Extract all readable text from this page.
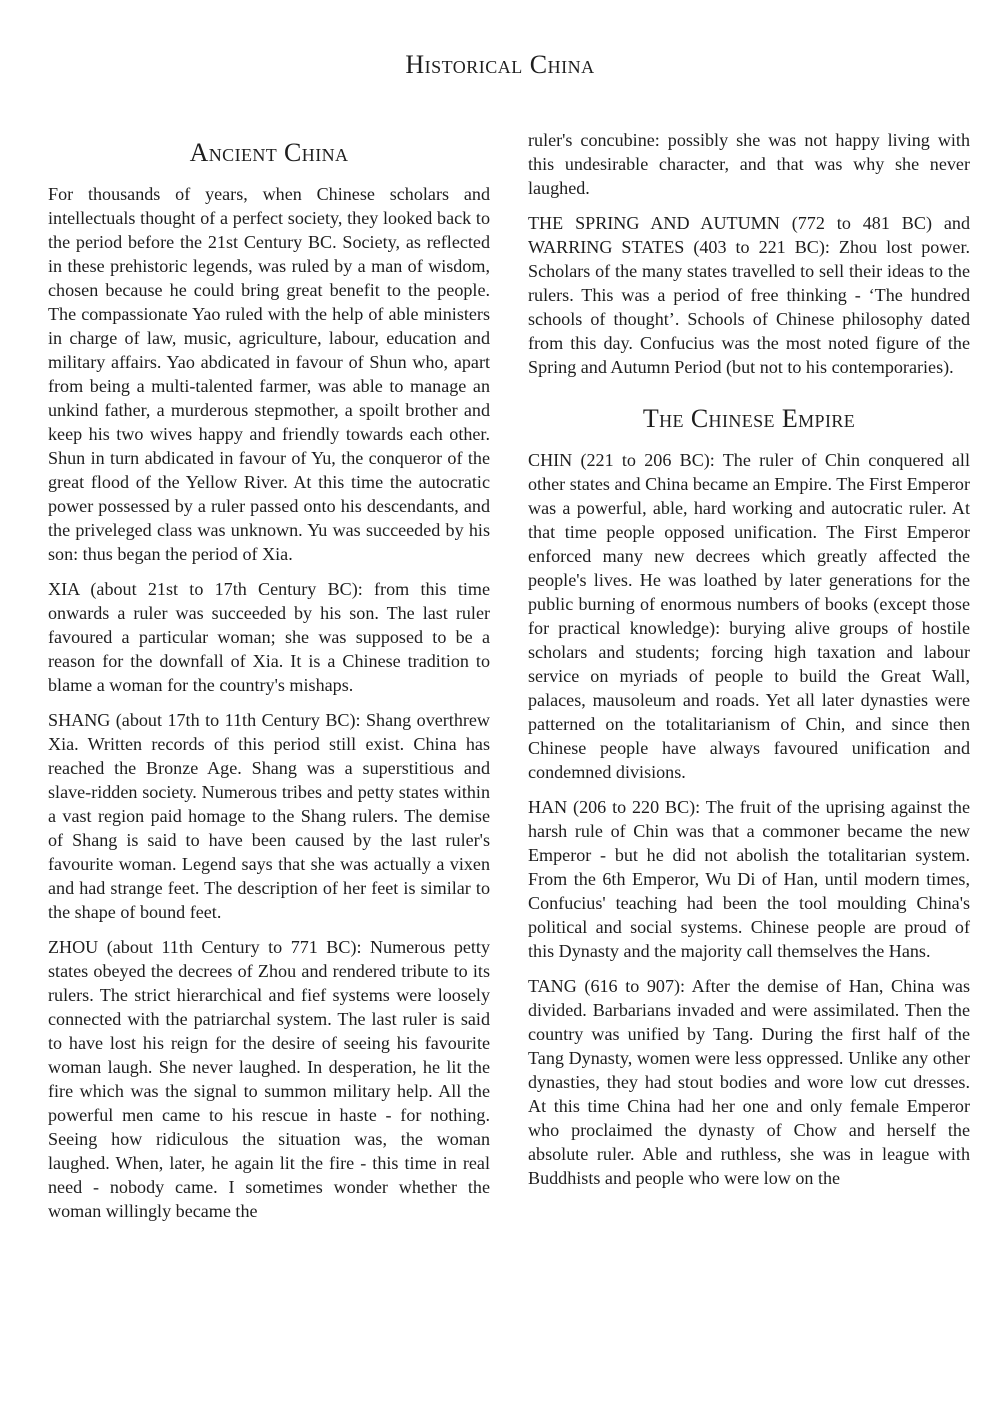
Historical China
Ancient China

For thousands of years, when Chinese scholars and intellectuals thought of a perfect society, they looked back to the period before the 21st Century BC. Society, as reflected in these prehistoric legends, was ruled by a man of wisdom, chosen because he could bring great benefit to the people. The compassionate Yao ruled with the help of able ministers in charge of law, music, agriculture, labour, education and military affairs. Yao abdicated in favour of Shun who, apart from being a multi-talented farmer, was able to manage an unkind father, a murderous stepmother, a spoilt brother and keep his two wives happy and friendly towards each other. Shun in turn abdicated in favour of Yu, the conqueror of the great flood of the Yellow River. At this time the autocratic power possessed by a ruler passed onto his descendants, and the priveleged class was unknown. Yu was succeeded by his son: thus began the period of Xia.

XIA (about 21st to 17th Century BC): from this time onwards a ruler was succeeded by his son. The last ruler favoured a particular woman; she was supposed to be a reason for the downfall of Xia. It is a Chinese tradition to blame a woman for the country's mishaps.

SHANG (about 17th to 11th Century BC): Shang overthrew Xia. Written records of this period still exist. China has reached the Bronze Age. Shang was a superstitious and slave-ridden society. Numerous tribes and petty states within a vast region paid homage to the Shang rulers. The demise of Shang is said to have been caused by the last ruler's favourite woman. Legend says that she was actually a vixen and had strange feet. The description of her feet is similar to the shape of bound feet.

ZHOU (about 11th Century to 771 BC): Numerous petty states obeyed the decrees of Zhou and rendered tribute to its rulers. The strict hierarchical and fief systems were loosely connected with the patriarchal system. The last ruler is said to have lost his reign for the desire of seeing his favourite woman laugh. She never laughed. In desperation, he lit the fire which was the signal to summon military help. All the powerful men came to his rescue in haste - for nothing. Seeing how ridiculous the situation was, the woman laughed. When, later, he again lit the fire - this time in real need - nobody came. I sometimes wonder whether the woman willingly became the

ruler's concubine: possibly she was not happy living with this undesirable character, and that was why she never laughed.

THE SPRING AND AUTUMN (772 to 481 BC) and WARRING STATES (403 to 221 BC): Zhou lost power. Scholars of the many states travelled to sell their ideas to the rulers. This was a period of free thinking - ‘The hundred schools of thought’. Schools of Chinese philosophy dated from this day. Confucius was the most noted figure of the Spring and Autumn Period (but not to his contemporaries).

The Chinese Empire

CHIN (221 to 206 BC): The ruler of Chin conquered all other states and China became an Empire. The First Emperor was a powerful, able, hard working and autocratic ruler. At that time people opposed unification. The First Emperor enforced many new decrees which greatly affected the people's lives. He was loathed by later generations for the public burning of enormous numbers of books (except those for practical knowledge): burying alive groups of hostile scholars and students; forcing high taxation and labour service on myriads of people to build the Great Wall, palaces, mausoleum and roads. Yet all later dynasties were patterned on the totalitarianism of Chin, and since then Chinese people have always favoured unification and condemned divisions.

HAN (206 to 220 BC): The fruit of the uprising against the harsh rule of Chin was that a commoner became the new Emperor - but he did not abolish the totalitarian system. From the 6th Emperor, Wu Di of Han, until modern times, Confucius' teaching had been the tool moulding China's political and social systems. Chinese people are proud of this Dynasty and the majority call themselves the Hans.

TANG (616 to 907): After the demise of Han, China was divided. Barbarians invaded and were assimilated. Then the country was unified by Tang. During the first half of the Tang Dynasty, women were less oppressed. Unlike any other dynasties, they had stout bodies and wore low cut dresses. At this time China had her one and only female Emperor who proclaimed the dynasty of Chow and herself the absolute ruler. Able and ruthless, she was in league with Buddhists and people who were low on the
